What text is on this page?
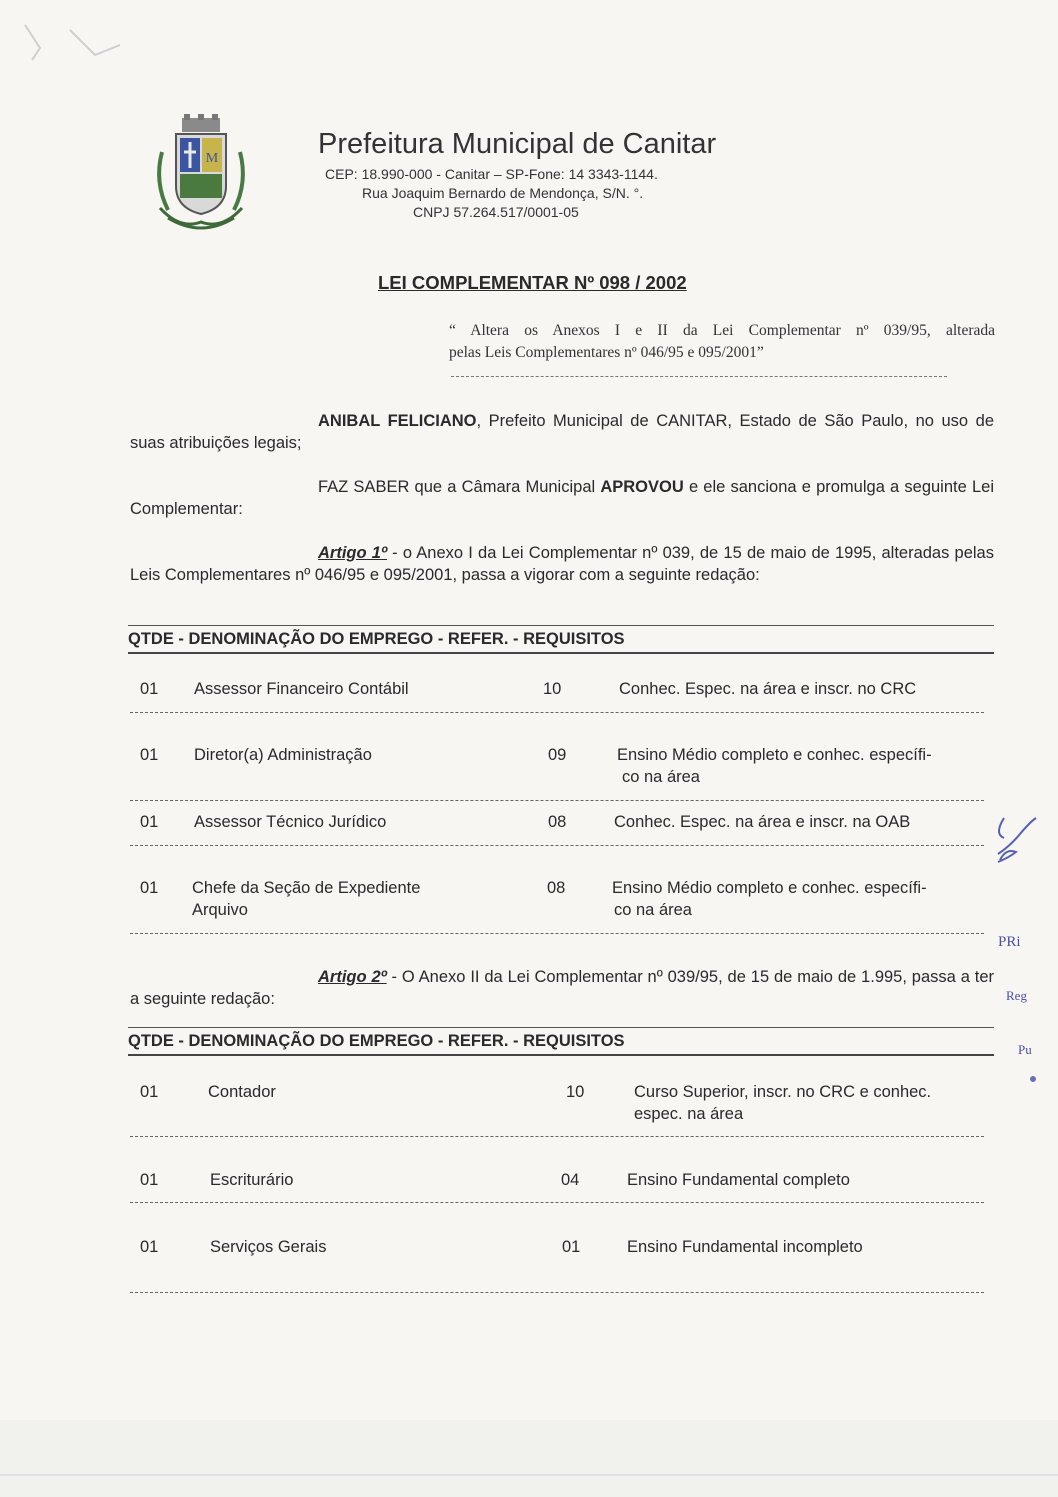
M	Prefeitura Municipal de Canitar
CEP: 18.990-000 - Canitar – SP-Fone: 14 3343-1144.
Rua Joaquim Bernardo de Mendonça, S/N. °.
CNPJ 57.264.517/0001-05
LEI COMPLEMENTAR Nº 098 / 2002
“ Altera os Anexos I e II da Lei Complementar nº 039/95, alterada
pelas Leis Complementares nº 046/95 e 095/2001”
ANIBAL FELICIANO, Prefeito Municipal de CANITAR, Estado de São Paulo, no uso de suas atribuições legais;
FAZ SABER que a Câmara Municipal APROVOU e ele sanciona e promulga a seguinte Lei Complementar:
Artigo 1º - o Anexo I da Lei Complementar nº 039, de 15 de maio de 1995, alteradas pelas Leis Complementares nº 046/95 e 095/2001, passa a vigorar com a seguinte redação:
QTDE - DENOMINAÇÃO DO EMPREGO - REFER. - REQUISITOS
01 Assessor Financeiro Contábil	10	Conhec. Espec. na área e inscr. no CRC
01 Diretor(a) Administração	09	Ensino Médio completo e conhec. específi-
co na área
01 Assessor Técnico Jurídico	08	Conhec. Espec. na área e inscr. na OAB
01 Chefe da Seção de Expediente
Arquivo
08	Ensino Médio completo e conhec. específi-
co na área
Artigo 2º - O Anexo II da Lei Complementar nº 039/95, de 15 de maio de 1.995, passa a ter a seguinte redação:
QTDE - DENOMINAÇÃO DO EMPREGO - REFER. - REQUISITOS
01	Contador	10	Curso Superior, inscr. no CRC e conhec.
espec. na área
01	Escriturário	04	Ensino Fundamental completo
01	Serviços Gerais	01	Ensino Fundamental incompleto
PRi
Reg
Pu
